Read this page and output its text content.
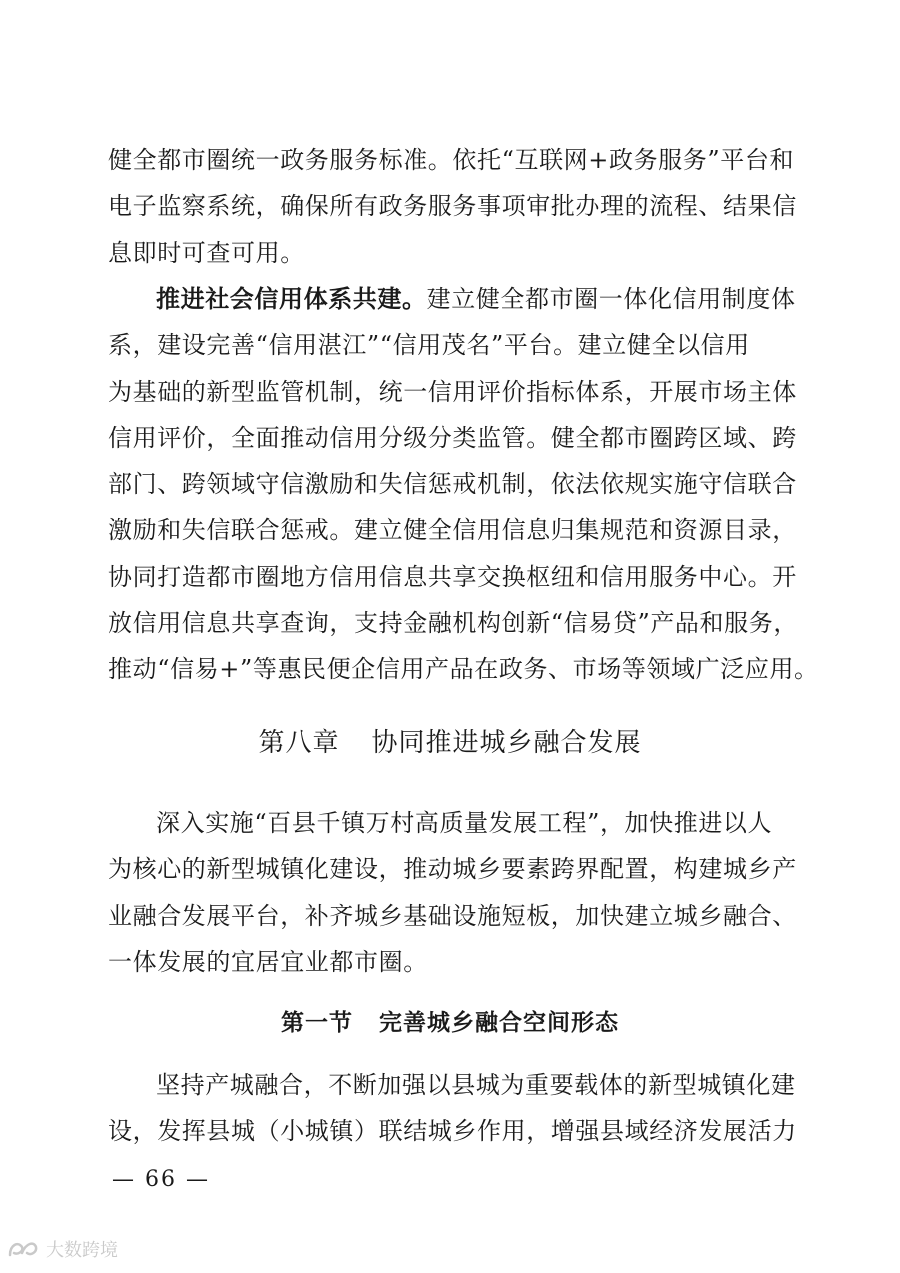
健全都市圈统一政务服务标准。依托“互联网+政务服务”平台和
电子监察系统，确保所有政务服务事项审批办理的流程、结果信
息即时可查可用。
推进社会信用体系共建。建立健全都市圈一体化信用制度体
系，建设完善“信用湛江”“信用茂名”平台。建立健全以信用
为基础的新型监管机制，统一信用评价指标体系，开展市场主体
信用评价，全面推动信用分级分类监管。健全都市圈跨区域、跨
部门、跨领域守信激励和失信惩戒机制，依法依规实施守信联合
激励和失信联合惩戒。建立健全信用信息归集规范和资源目录，
协同打造都市圈地方信用信息共享交换枢纽和信用服务中心。开
放信用信息共享查询，支持金融机构创新“信易贷”产品和服务，
推动“信易+”等惠民便企信用产品在政务、市场等领域广泛应用。
第八章 协同推进城乡融合发展
深入实施“百县千镇万村高质量发展工程”，加快推进以人
为核心的新型城镇化建设，推动城乡要素跨界配置，构建城乡产
业融合发展平台，补齐城乡基础设施短板，加快建立城乡融合、
一体发展的宜居宜业都市圈。
第一节 完善城乡融合空间形态
坚持产城融合，不断加强以县城为重要载体的新型城镇化建
设，发挥县城（小城镇）联结城乡作用，增强县域经济发展活力
— 66 —
大数跨境
